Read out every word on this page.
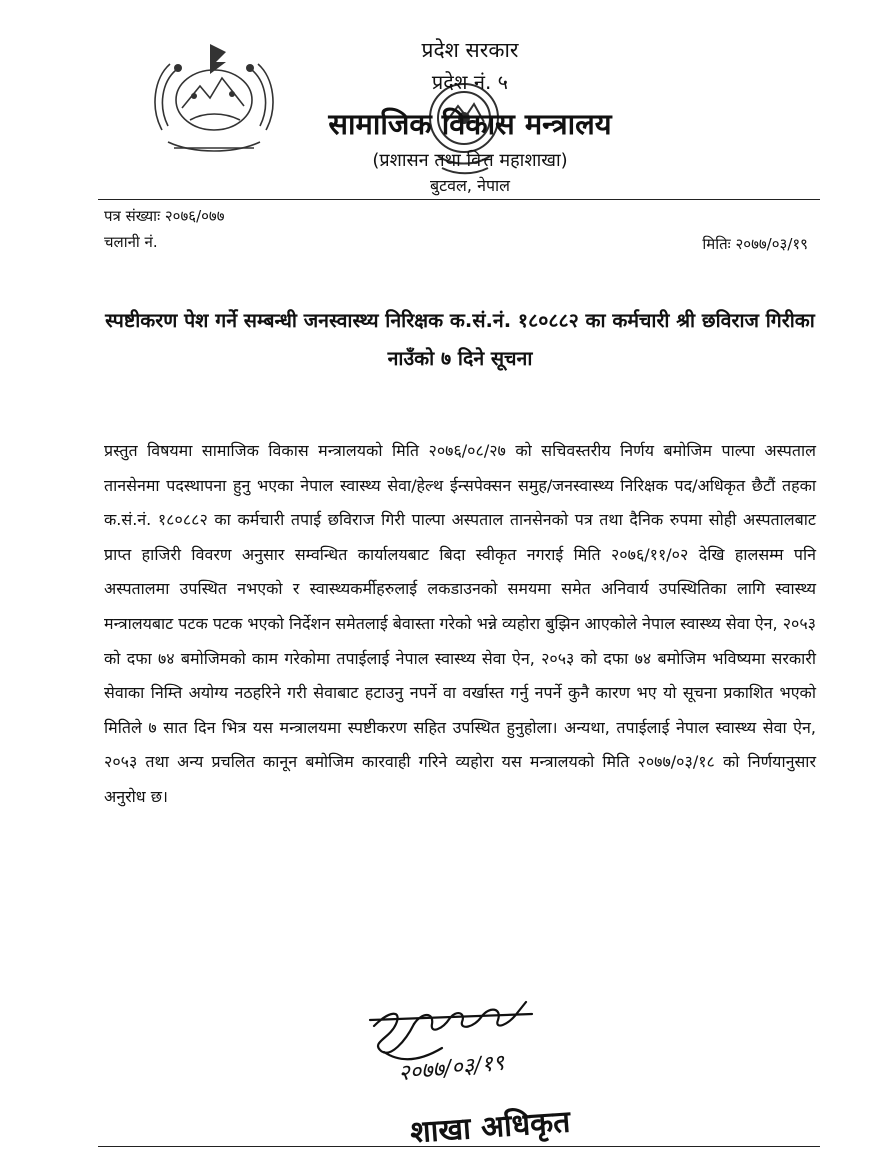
प्रदेश सरकार
प्रदेश नं. ५
सामाजिक विकास मन्त्रालय
(प्रशासन तथा वित्त महाशाखा)
बुटवल, नेपाल
पत्र संख्याः २०७६/०७७
चलानी नं.	मितिः २०७७/०३/१९
स्पष्टीकरण पेश गर्ने सम्बन्धी जनस्वास्थ्य निरिक्षक क.सं.नं. १८०८८२ का कर्मचारी श्री छविराज गिरीका नाउँको ७ दिने सूचना
प्रस्तुत विषयमा सामाजिक विकास मन्त्रालयको मिति २०७६/०८/२७ को सचिवस्तरीय निर्णय बमोजिम पाल्पा अस्पताल तानसेनमा पदस्थापना हुनु भएका नेपाल स्वास्थ्य सेवा/हेल्थ ईन्सपेक्सन समुह/जनस्वास्थ्य निरिक्षक पद/अधिकृत छैटौं तहका क.सं.नं. १८०८८२ का कर्मचारी तपाई छविराज गिरी पाल्पा अस्पताल तानसेनको पत्र तथा दैनिक रुपमा सोही अस्पतालबाट प्राप्त हाजिरी विवरण अनुसार सम्वन्धित कार्यालयबाट बिदा स्वीकृत नगराई मिति २०७६/११/०२ देखि हालसम्म पनि अस्पतालमा उपस्थित नभएको र स्वास्थ्यकर्मीहरुलाई लकडाउनको समयमा समेत अनिवार्य उपस्थितिका लागि स्वास्थ्य मन्त्रालयबाट पटक पटक भएको निर्देशन समेतलाई बेवास्ता गरेको भन्ने व्यहोरा बुझिन आएकोले नेपाल स्वास्थ्य सेवा ऐन, २०५३ को दफा ७४ बमोजिमको काम गरेकोमा तपाईलाई नेपाल स्वास्थ्य सेवा ऐन, २०५३ को दफा ७४ बमोजिम भविष्यमा सरकारी सेवाका निम्ति अयोग्य नठहरिने गरी सेवाबाट हटाउनु नपर्ने वा वर्खास्त गर्नु नपर्ने कुनै कारण भए यो सूचना प्रकाशित भएको मितिले ७ सात दिन भित्र यस मन्त्रालयमा स्पष्टीकरण सहित उपस्थित हुनुहोला। अन्यथा, तपाईलाई नेपाल स्वास्थ्य सेवा ऐन, २०५३ तथा अन्य प्रचलित कानून बमोजिम कारवाही गरिने व्यहोरा यस मन्त्रालयको मिति २०७७/०३/१८ को निर्णयानुसार अनुरोध छ।
२०७७/०३/१९
शाखा अधिकृत
